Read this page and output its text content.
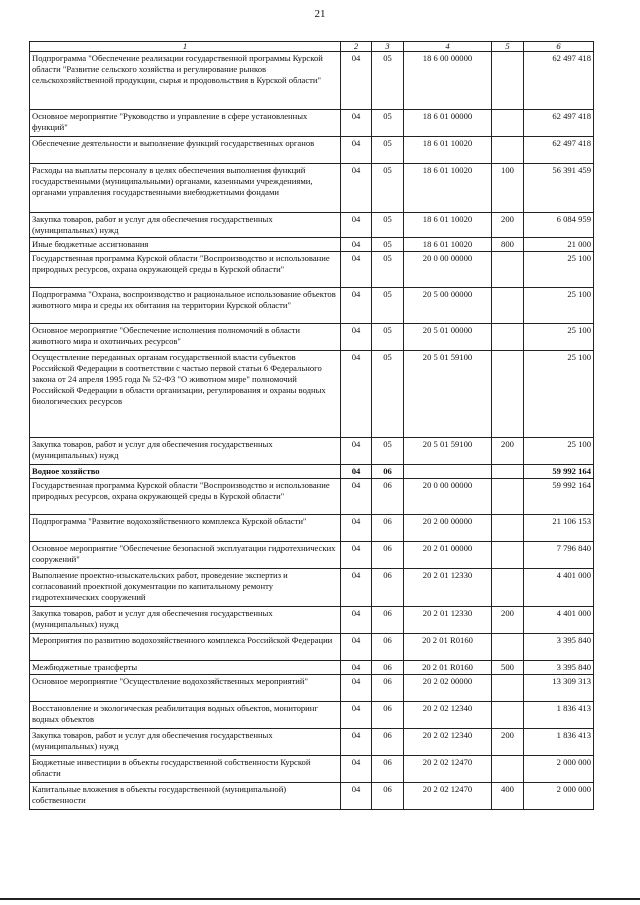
21
1	2	3	4	5	6
Подпрограмма "Обеспечение реализации государственной программы Курской области "Развитие сельского хозяйства и регулирование рынков сельскохозяйственной продукции, сырья и продовольствия в Курской области"	04	05	18 6 00 00000		62 497 418
Основное мероприятие "Руководство и управление в сфере установленных функций"	04	05	18 6 01 00000		62 497 418
Обеспечение деятельности и выполнение функций государственных органов	04	05	18 6 01 10020		62 497 418
Расходы на выплаты персоналу в целях обеспечения выполнения функций государственными (муниципальными) органами, казенными учреждениями, органами управления государственными внебюджетными фондами	04	05	18 6 01 10020	100	56 391 459
Закупка товаров, работ и услуг для обеспечения государственных (муниципальных) нужд	04	05	18 6 01 10020	200	6 084 959
Иные бюджетные ассигнования	04	05	18 6 01 10020	800	21 000
Государственная программа Курской области "Воспроизводство и использование природных ресурсов, охрана окружающей среды в Курской области"	04	05	20 0 00 00000		25 100
Подпрограмма "Охрана, воспроизводство и рациональное использование объектов животного мира и среды их обитания на территории Курской области"	04	05	20 5 00 00000		25 100
Основное мероприятие "Обеспечение исполнения полномочий в области животного мира и охотничьих ресурсов"	04	05	20 5 01 00000		25 100
Осуществление переданных органам государственной власти субъектов Российской Федерации в соответствии с частью первой статьи 6 Федерального закона от 24 апреля 1995 года № 52-ФЗ "О животном мире" полномочий Российской Федерации в области организации, регулирования и охраны водных биологических ресурсов	04	05	20 5 01 59100		25 100
Закупка товаров, работ и услуг для обеспечения государственных (муниципальных) нужд	04	05	20 5 01 59100	200	25 100
Водное хозяйство	04	06			59 992 164
Государственная программа Курской области "Воспроизводство и использование природных ресурсов, охрана окружающей среды в Курской области"	04	06	20 0 00 00000		59 992 164
Подпрограмма "Развитие водохозяйственного комплекса Курской области"	04	06	20 2 00 00000		21 106 153
Основное мероприятие "Обеспечение безопасной эксплуатации гидротехнических сооружений"	04	06	20 2 01 00000		7 796 840
Выполнение проектно-изыскательских работ, проведение экспертиз и согласований проектной документации по капитальному ремонту гидротехнических сооружений	04	06	20 2 01 12330		4 401 000
Закупка товаров, работ и услуг для обеспечения государственных (муниципальных) нужд	04	06	20 2 01 12330	200	4 401 000
Мероприятия по развитию водохозяйственного комплекса Российской Федерации	04	06	20 2 01 R0160		3 395 840
Межбюджетные трансферты	04	06	20 2 01 R0160	500	3 395 840
Основное мероприятие "Осуществление водохозяйственных мероприятий"	04	06	20 2 02 00000		13 309 313
Восстановление и экологическая реабилитация водных объектов, мониторинг водных объектов	04	06	20 2 02 12340		1 836 413
Закупка товаров, работ и услуг для обеспечения государственных (муниципальных) нужд	04	06	20 2 02 12340	200	1 836 413
Бюджетные инвестиции в объекты государственной собственности Курской области	04	06	20 2 02 12470		2 000 000
Капитальные вложения в объекты государственной (муниципальной) собственности	04	06	20 2 02 12470	400	2 000 000
